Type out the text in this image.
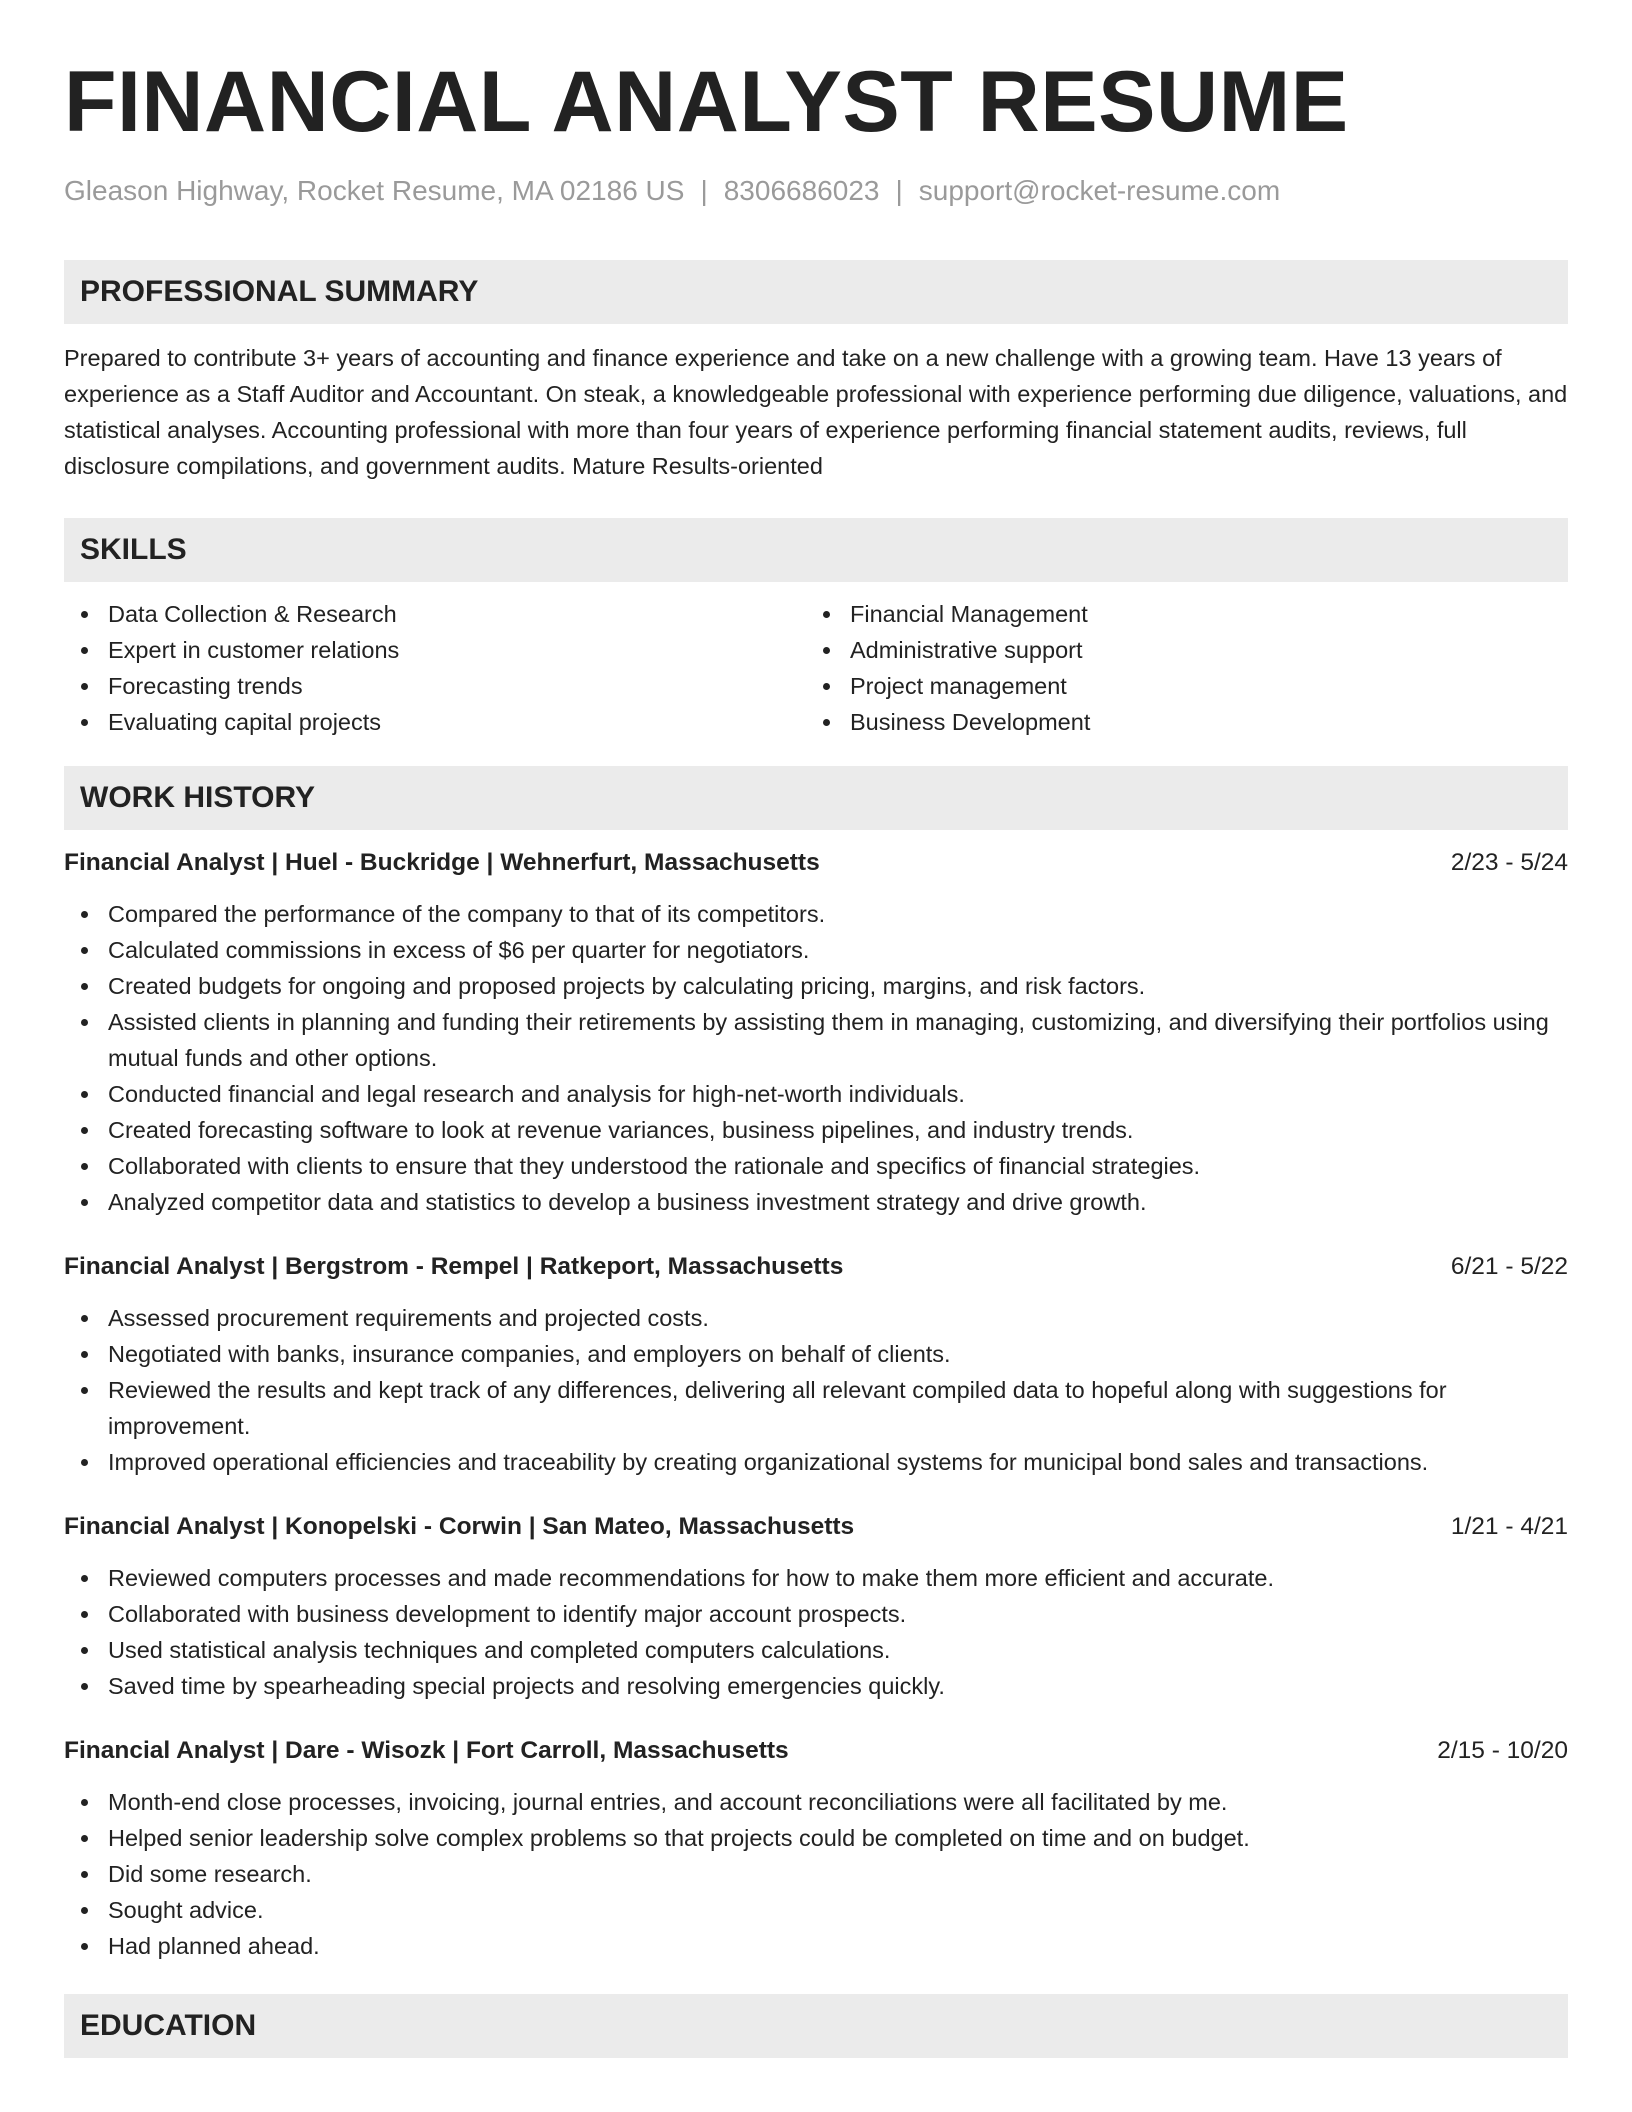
FINANCIAL ANALYST RESUME
Gleason Highway, Rocket Resume, MA 02186 US | 8306686023 | support@rocket-resume.com
PROFESSIONAL SUMMARY

Prepared to contribute 3+ years of accounting and finance experience and take on a new challenge with a growing team. Have 13 years of experience as a Staff Auditor and Accountant. On steak, a knowledgeable professional with experience performing due diligence, valuations, and statistical analyses. Accounting professional with more than four years of experience performing financial statement audits, reviews, full disclosure compilations, and government audits. Mature Results-oriented

SKILLS
Data Collection & Research
Expert in customer relations
Forecasting trends
Evaluating capital projects
Financial Management
Administrative support
Project management
Business Development
WORK HISTORY
Financial Analyst | Huel - Buckridge | Wehnerfurt, Massachusetts	2/23 - 5/24
Compared the performance of the company to that of its competitors.
Calculated commissions in excess of $6 per quarter for negotiators.
Created budgets for ongoing and proposed projects by calculating pricing, margins, and risk factors.
Assisted clients in planning and funding their retirements by assisting them in managing, customizing, and diversifying their portfolios using mutual funds and other options.
Conducted financial and legal research and analysis for high-net-worth individuals.
Created forecasting software to look at revenue variances, business pipelines, and industry trends.
Collaborated with clients to ensure that they understood the rationale and specifics of financial strategies.
Analyzed competitor data and statistics to develop a business investment strategy and drive growth.
Financial Analyst | Bergstrom - Rempel | Ratkeport, Massachusetts	6/21 - 5/22
Assessed procurement requirements and projected costs.
Negotiated with banks, insurance companies, and employers on behalf of clients.
Reviewed the results and kept track of any differences, delivering all relevant compiled data to hopeful along with suggestions for improvement.
Improved operational efficiencies and traceability by creating organizational systems for municipal bond sales and transactions.
Financial Analyst | Konopelski - Corwin | San Mateo, Massachusetts	1/21 - 4/21
Reviewed computers processes and made recommendations for how to make them more efficient and accurate.
Collaborated with business development to identify major account prospects.
Used statistical analysis techniques and completed computers calculations.
Saved time by spearheading special projects and resolving emergencies quickly.
Financial Analyst | Dare - Wisozk | Fort Carroll, Massachusetts	2/15 - 10/20
Month-end close processes, invoicing, journal entries, and account reconciliations were all facilitated by me.
Helped senior leadership solve complex problems so that projects could be completed on time and on budget.
Did some research.
Sought advice.
Had planned ahead.
EDUCATION
